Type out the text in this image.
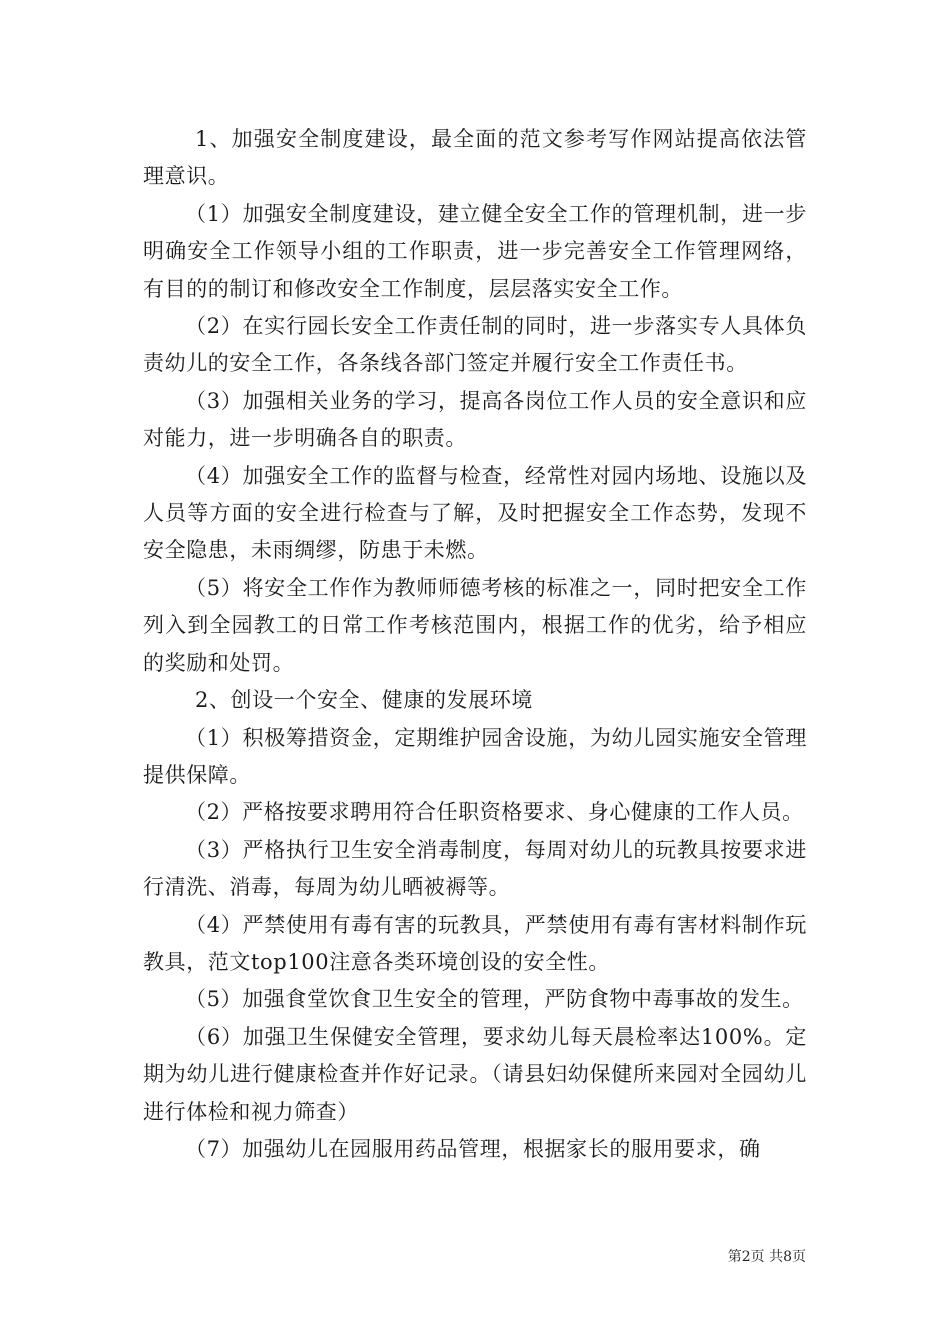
1、加强安全制度建设，最全面的范文参考写作网站提高依法管理意识。

（1）加强安全制度建设，建立健全安全工作的管理机制，进一步明确安全工作领导小组的工作职责，进一步完善安全工作管理网络，有目的的制订和修改安全工作制度，层层落实安全工作。

（2）在实行园长安全工作责任制的同时，进一步落实专人具体负责幼儿的安全工作，各条线各部门签定并履行安全工作责任书。

（3）加强相关业务的学习，提高各岗位工作人员的安全意识和应对能力，进一步明确各自的职责。

（4）加强安全工作的监督与检查，经常性对园内场地、设施以及人员等方面的安全进行检查与了解，及时把握安全工作态势，发现不安全隐患，未雨绸缪，防患于未燃。

（5）将安全工作作为教师师德考核的标准之一，同时把安全工作列入到全园教工的日常工作考核范围内，根据工作的优劣，给予相应的奖励和处罚。

2、创设一个安全、健康的发展环境

（1）积极筹措资金，定期维护园舍设施，为幼儿园实施安全管理提供保障。

（2）严格按要求聘用符合任职资格要求、身心健康的工作人员。

（3）严格执行卫生安全消毒制度，每周对幼儿的玩教具按要求进行清洗、消毒，每周为幼儿晒被褥等。

（4）严禁使用有毒有害的玩教具，严禁使用有毒有害材料制作玩教具，范文top100注意各类环境创设的安全性。

（5）加强食堂饮食卫生安全的管理，严防食物中毒事故的发生。

（6）加强卫生保健安全管理，要求幼儿每天晨检率达100%。定期为幼儿进行健康检查并作好记录。（请县妇幼保健所来园对全园幼儿进行体检和视力筛查）

（7）加强幼儿在园服用药品管理，根据家长的服用要求，确

第2页 共8页
